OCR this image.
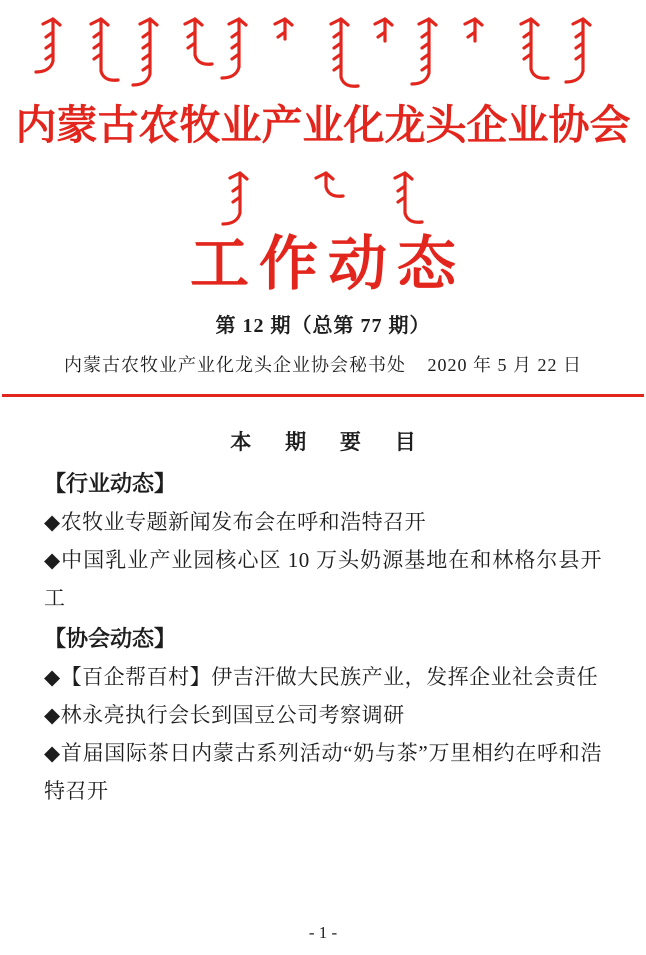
内蒙古农牧业产业化龙头企业协会
工作动态
第 12 期（总第 77 期）
内蒙古农牧业产业化龙头企业协会秘书处 2020 年 5 月 22 日
本 期 要 目
【行业动态】
◆农牧业专题新闻发布会在呼和浩特召开
◆中国乳业产业园核心区 10 万头奶源基地在和林格尔县开工
【协会动态】
◆【百企帮百村】伊吉汗做大民族产业，发挥企业社会责任
◆林永亮执行会长到国豆公司考察调研
◆首届国际茶日内蒙古系列活动“奶与茶”万里相约在呼和浩特召开
- 1 -
